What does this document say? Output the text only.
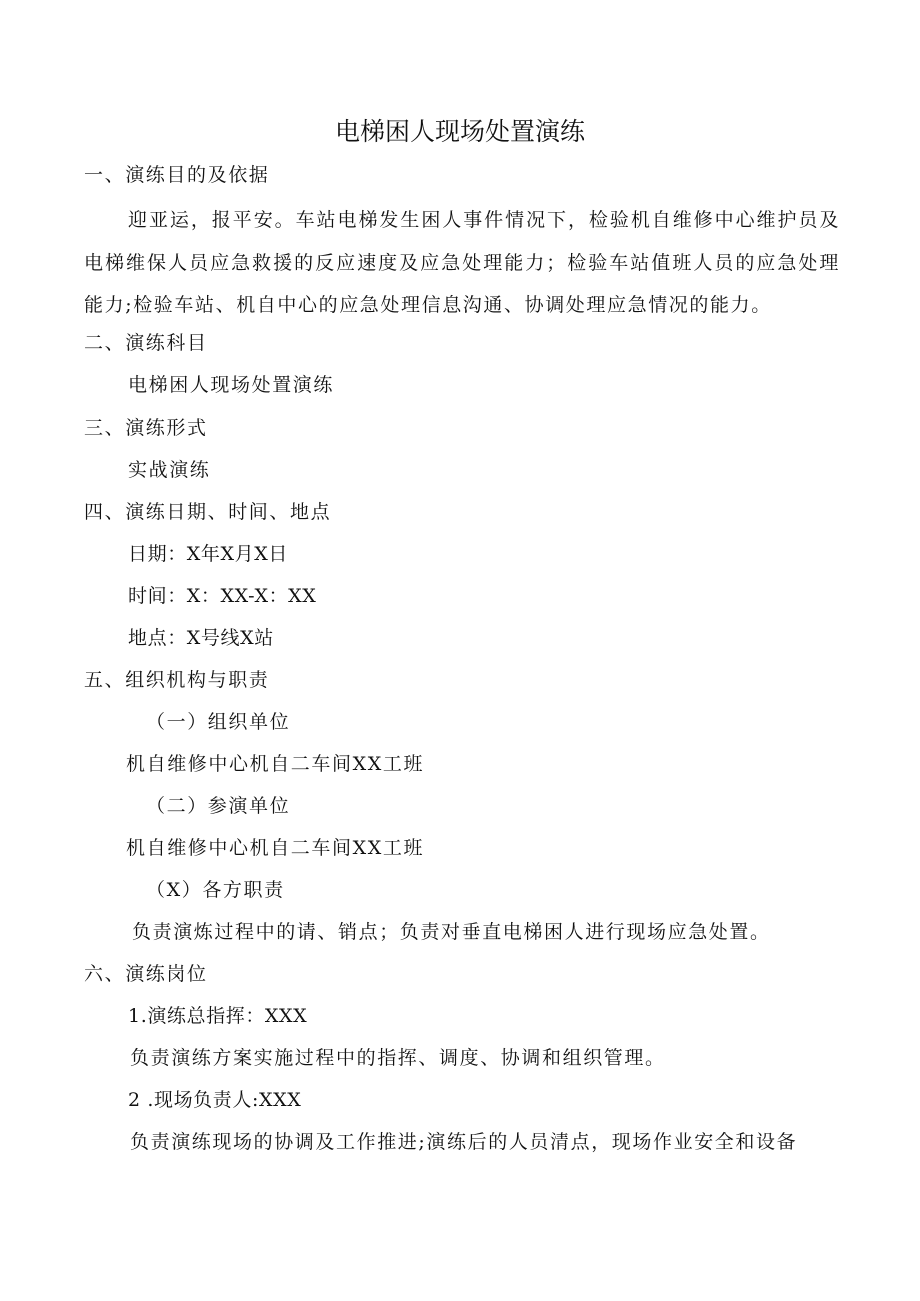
电梯困人现场处置演练
一、演练目的及依据
迎亚运，报平安。车站电梯发生困人事件情况下，检验机自维修中心维护员及电梯维保人员应急救援的反应速度及应急处理能力；检验车站值班人员的应急处理能力;检验车站、机自中心的应急处理信息沟通、协调处理应急情况的能力。
二、演练科目
电梯困人现场处置演练
三、演练形式
实战演练
四、演练日期、时间、地点
日期：X年X月X日
时间：X：XX-X：XX
地点：X号线X站
五、组织机构与职责
（一）组织单位
机自维修中心机自二车间XX工班
（二）参演单位
机自维修中心机自二车间XX工班
（X）各方职责
负责演炼过程中的请、销点；负责对垂直电梯困人进行现场应急处置。
六、演练岗位
1.演练总指挥：XXX
负责演练方案实施过程中的指挥、调度、协调和组织管理。
2 .现场负责人:XXX
负责演练现场的协调及工作推进;演练后的人员清点，现场作业安全和设备
